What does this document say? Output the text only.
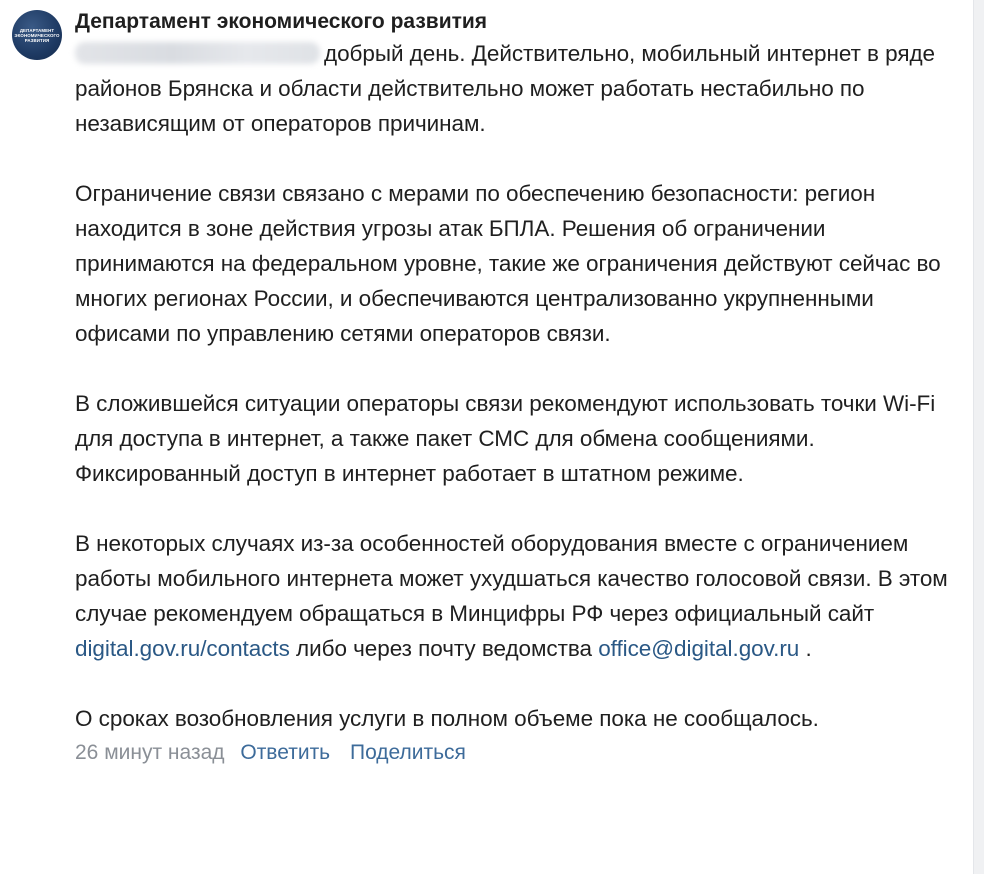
ДЕПАРТАМЕНТ
ЭКОНОМИЧЕСКОГО
РАЗВИТИЯ
Департамент экономического развития

добрый день. Действительно, мобильный интернет в ряде районов Брянска и области действительно может работать нестабильно по независящим от операторов причинам.

Ограничение связи связано с мерами по обеспечению безопасности: регион находится в зоне действия угрозы атак БПЛА. Решения об ограничении принимаются на федеральном уровне, такие же ограничения действуют сейчас во многих регионах России, и обеспечиваются централизованно укрупненными офисами по управлению сетями операторов связи.

В сложившейся ситуации операторы связи рекомендуют использовать точки Wi-Fi для доступа в интернет, а также пакет СМС для обмена сообщениями. Фиксированный доступ в интернет работает в штатном режиме.

В некоторых случаях из-за особенностей оборудования вместе с ограничением работы мобильного интернета может ухудшаться качество голосовой связи. В этом случае рекомендуем обращаться в Минцифры РФ через официальный сайт digital.gov.ru/contacts либо через почту ведомства office@digital.gov.ru .

О сроках возобновления услуги в полном объеме пока не сообщалось.

26 минут назад Ответить Поделиться
